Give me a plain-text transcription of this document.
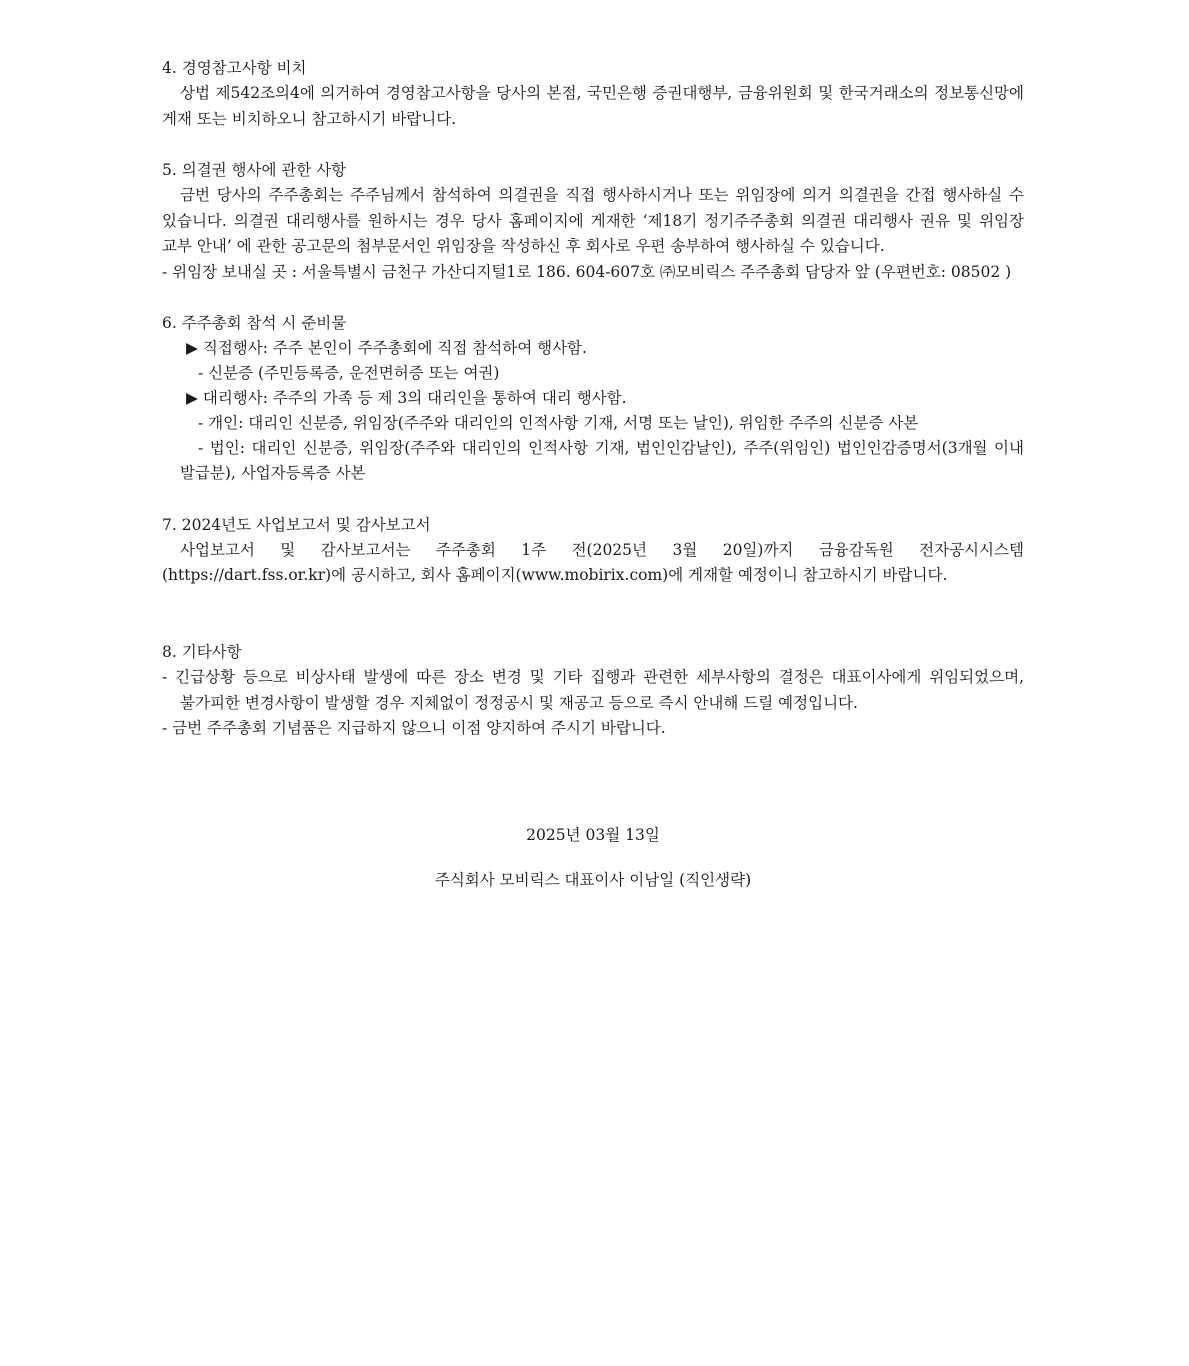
4. 경영참고사항 비치
상법 제542조의4에 의거하여 경영참고사항을 당사의 본점, 국민은행 증권대행부, 금융위원회 및 한국거래소의 정보통신망에 게재 또는 비치하오니 참고하시기 바랍니다.
5. 의결권 행사에 관한 사항
금번 당사의 주주총회는 주주님께서 참석하여 의결권을 직접 행사하시거나 또는 위임장에 의거 의결권을 간접 행사하실 수 있습니다. 의결권 대리행사를 원하시는 경우 당사 홈페이지에 게재한 ‘제18기 정기주주총회 의결권 대리행사 권유 및 위임장 교부 안내’ 에 관한 공고문의 첨부문서인 위임장을 작성하신 후 회사로 우편 송부하여 행사하실 수 있습니다.
- 위임장 보내실 곳 : 서울특별시 금천구 가산디지털1로 186. 604-607호 ㈜모비릭스 주주총회 담당자 앞 (우편번호: 08502 )
6. 주주총회 참석 시 준비물
▶ 직접행사: 주주 본인이 주주총회에 직접 참석하여 행사함.
- 신분증 (주민등록증, 운전면허증 또는 여권)
▶ 대리행사: 주주의 가족 등 제 3의 대리인을 통하여 대리 행사함.
- 개인: 대리인 신분증, 위임장(주주와 대리인의 인적사항 기재, 서명 또는 날인), 위임한 주주의 신분증 사본
- 법인: 대리인 신분증, 위임장(주주와 대리인의 인적사항 기재, 법인인감날인), 주주(위임인) 법인인감증명서(3개월 이내 발급분), 사업자등록증 사본
7. 2024년도 사업보고서 및 감사보고서
사업보고서 및 감사보고서는 주주총회 1주 전(2025년 3월 20일)까지 금융감독원 전자공시시스템
(https://dart.fss.or.kr)에 공시하고, 회사 홈페이지(www.mobirix.com)에 게재할 예정이니 참고하시기 바랍니다.
8. 기타사항
- 긴급상황 등으로 비상사태 발생에 따른 장소 변경 및 기타 집행과 관련한 세부사항의 결정은 대표이사에게 위임되었으며, 불가피한 변경사항이 발생할 경우 지체없이 정정공시 및 재공고 등으로 즉시 안내해 드릴 예정입니다.
- 금번 주주총회 기념품은 지급하지 않으니 이점 양지하여 주시기 바랍니다.
2025년 03월 13일
주식회사 모비릭스 대표이사 이남일 (직인생략)
